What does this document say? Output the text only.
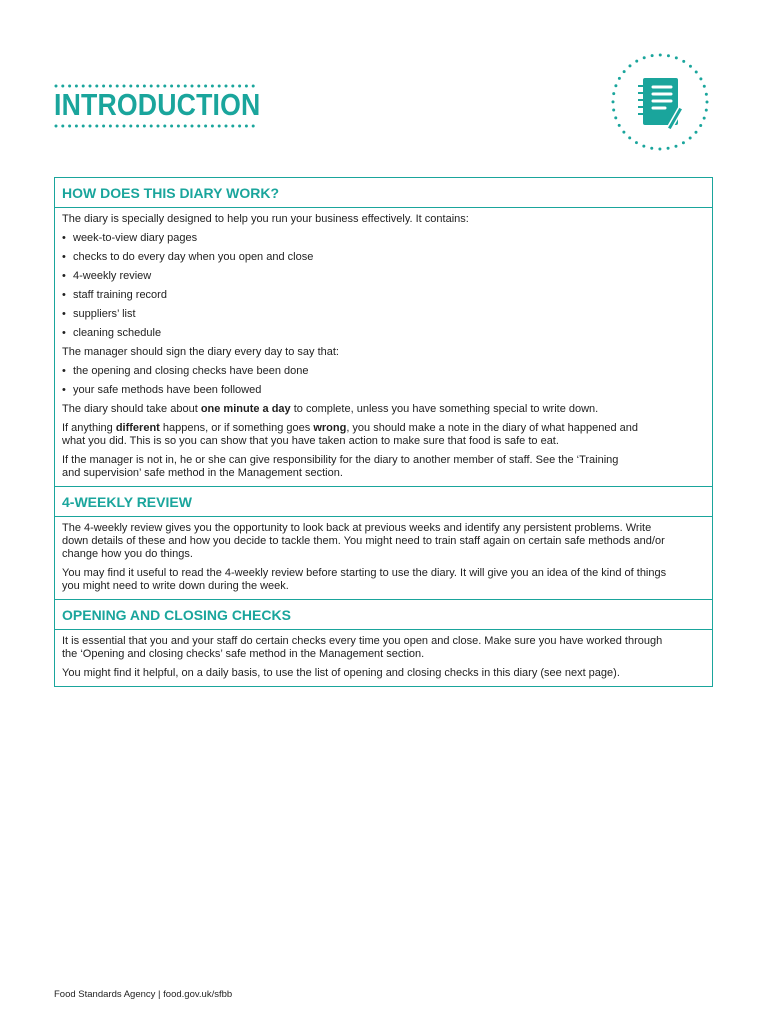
INTRODUCTION
HOW DOES THIS DIARY WORK?

The diary is specially designed to help you run your business effectively. It contains:

• week-to-view diary pages
• checks to do every day when you open and close
• 4-weekly review
• staff training record
• suppliers’ list
• cleaning schedule

The manager should sign the diary every day to say that:

• the opening and closing checks have been done
• your safe methods have been followed

The diary should take about one minute a day to complete, unless you have something special to write down.

If anything different happens, or if something goes wrong, you should make a note in the diary of what happened and
what you did. This is so you can show that you have taken action to make sure that food is safe to eat.

If the manager is not in, he or she can give responsibility for the diary to another member of staff. See the ‘Training
and supervision’ safe method in the Management section.

4-WEEKLY REVIEW

The 4-weekly review gives you the opportunity to look back at previous weeks and identify any persistent problems. Write
down details of these and how you decide to tackle them. You might need to train staff again on certain safe methods and/or
change how you do things.

You may find it useful to read the 4-weekly review before starting to use the diary. It will give you an idea of the kind of things
you might need to write down during the week.

OPENING AND CLOSING CHECKS

It is essential that you and your staff do certain checks every time you open and close. Make sure you have worked through
the ‘Opening and closing checks’ safe method in the Management section.

You might find it helpful, on a daily basis, to use the list of opening and closing checks in this diary (see next page).

Food Standards Agency | food.gov.uk/sfbb
